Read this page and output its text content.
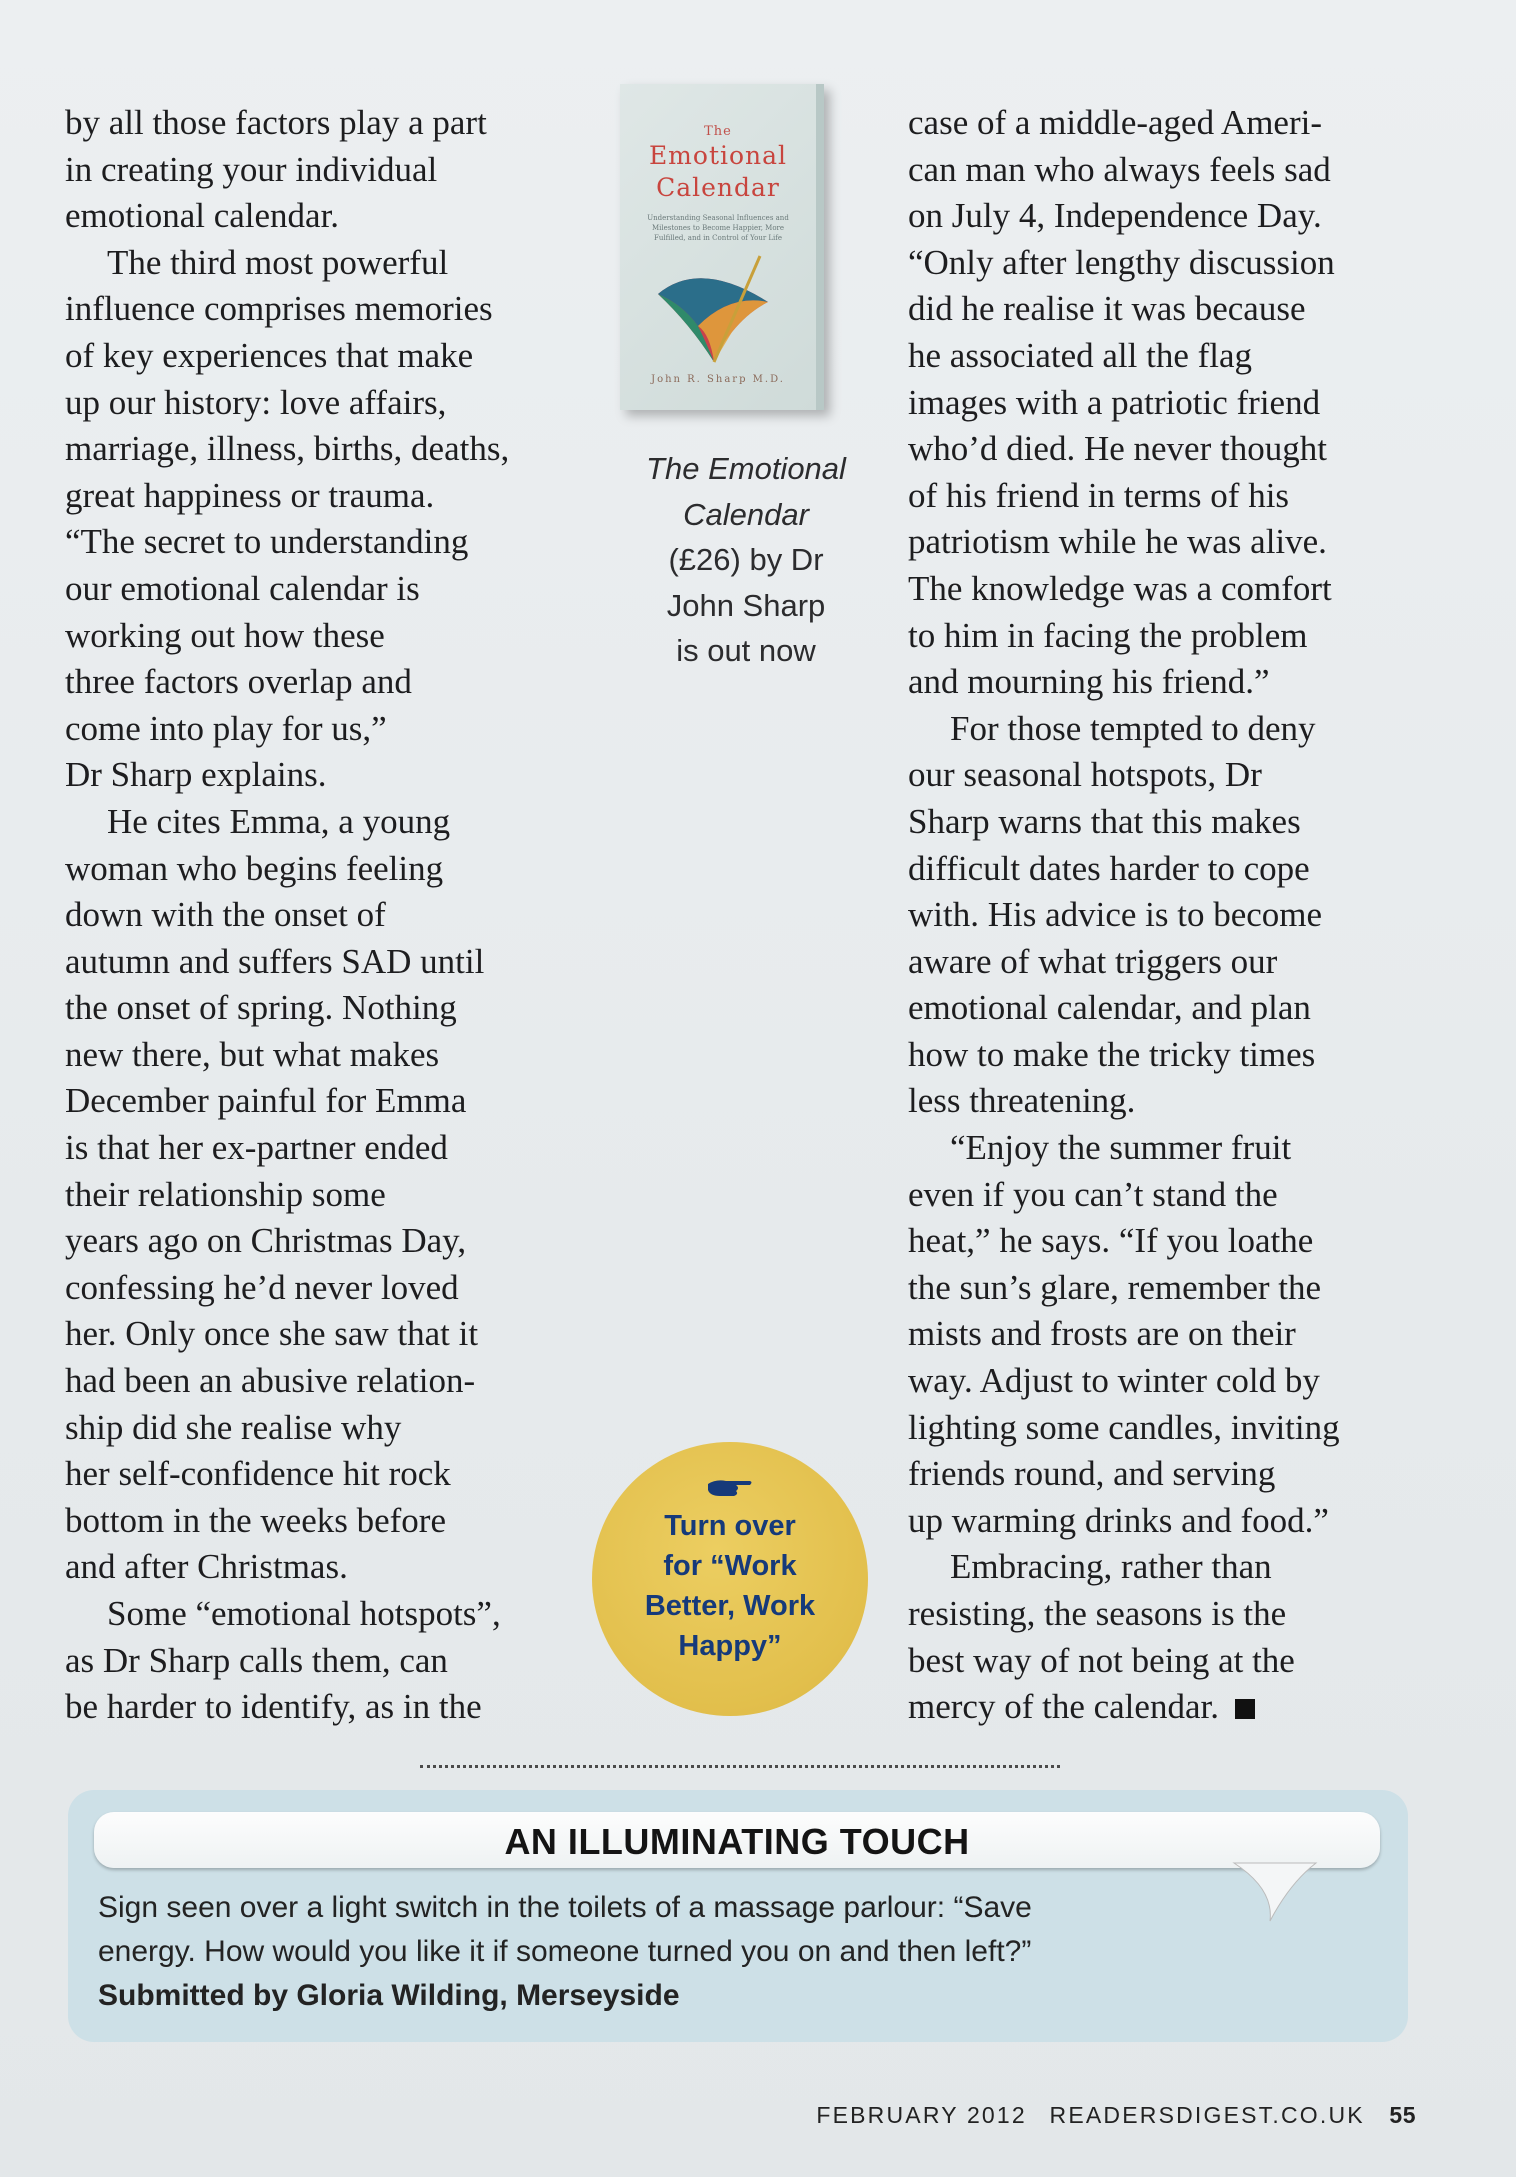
by all those factors play a part
in creating your individual
emotional calendar.

The third most powerful
influence comprises memories
of key experiences that make
up our history: love affairs,
marriage, illness, births, deaths,
great happiness or trauma.
“The secret to understanding
our emotional calendar is
working out how these
three factors overlap and
come into play for us,”
Dr Sharp explains.

He cites Emma, a young
woman who begins feeling
down with the onset of
autumn and suffers SAD until
the onset of spring. Nothing
new there, but what makes
December painful for Emma
is that her ex-partner ended
their relationship some
years ago on Christmas Day,
confessing he’d never loved
her. Only once she saw that it
had been an abusive relation-
ship did she realise why
her self-confidence hit rock
bottom in the weeks before
and after Christmas.

Some “emotional hotspots”,
as Dr Sharp calls them, can
be harder to identify, as in the

The
Emotional
Calendar
Understanding Seasonal Influences and Milestones to Become Happier, More Fulfilled, and in Control of Your Life
John R. Sharp M.D.
The Emotional
Calendar
(£26) by Dr
John Sharp
is out now
Turn over
for “Work
Better, Work
Happy”

case of a middle-aged Ameri-
can man who always feels sad
on July 4, Independence Day.
“Only after lengthy discussion
did he realise it was because
he associated all the flag
images with a patriotic friend
who’d died. He never thought
of his friend in terms of his
patriotism while he was alive.
The knowledge was a comfort
to him in facing the problem
and mourning his friend.”

For those tempted to deny
our seasonal hotspots, Dr
Sharp warns that this makes
difficult dates harder to cope
with. His advice is to become
aware of what triggers our
emotional calendar, and plan
how to make the tricky times
less threatening.

“Enjoy the summer fruit
even if you can’t stand the
heat,” he says. “If you loathe
the sun’s glare, remember the
mists and frosts are on their
way. Adjust to winter cold by
lighting some candles, inviting
friends round, and serving
up warming drinks and food.”

Embracing, rather than
resisting, the seasons is the
best way of not being at the
mercy of the calendar.

AN ILLUMINATING TOUCH
Sign seen over a light switch in the toilets of a massage parlour: “Save
energy. How would you like it if someone turned you on and then left?”
Submitted by Gloria Wilding, Merseyside
FEBRUARY 2012 READERSDIGEST.CO.UK 55
